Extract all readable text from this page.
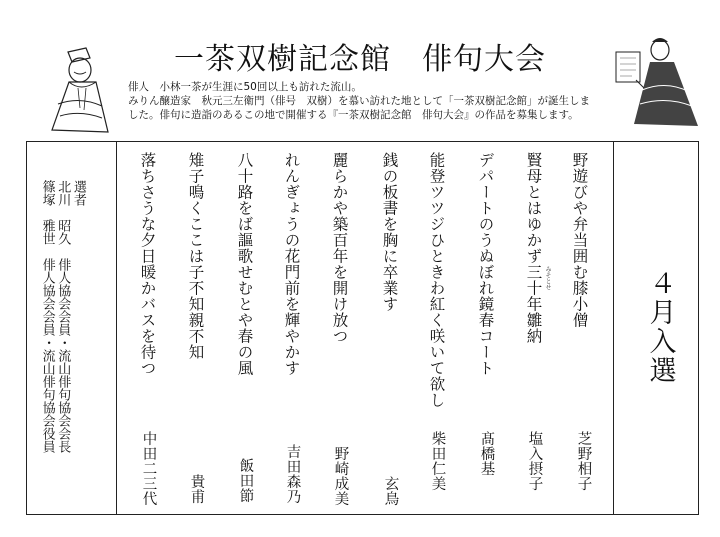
一茶双樹記念館　俳句大会
俳人　小林一茶が生涯に50回以上も訪れた流山。
みりん醸造家　秋元三左衛門（俳号　双樹）を慕い訪れた地として「一茶双樹記念館」が誕生しま
した。俳句に造詣のあるこの地で開催する『一茶双樹記念館　俳句大会』の作品を募集します。
４月入選
野遊びや弁当囲む膝小僧
芝野相子
賢母とはゆかず三十年雛納 みそとせ
塩入摂子
デパートのうぬぼれ鏡春コート
髙橋基
能登ツツジひときわ紅く咲いて欲し
柴田仁美
銭の板書を胸に卒業す
玄鳥
麗らかや築百年を開け放つ
野崎成美
れんぎょうの花門前を輝やかす
吉田森乃
八十路をば謳歌せむとや春の風
飯田節
雉子鳴くここは子不知親不知
貴甫
落ちさうな夕日暖かバスを待つ
中田二三代
選者
北川　昭久　俳人協会会員・流山俳句協会会長
篠塚　雅世　俳人協会会員・流山俳句協会役員
